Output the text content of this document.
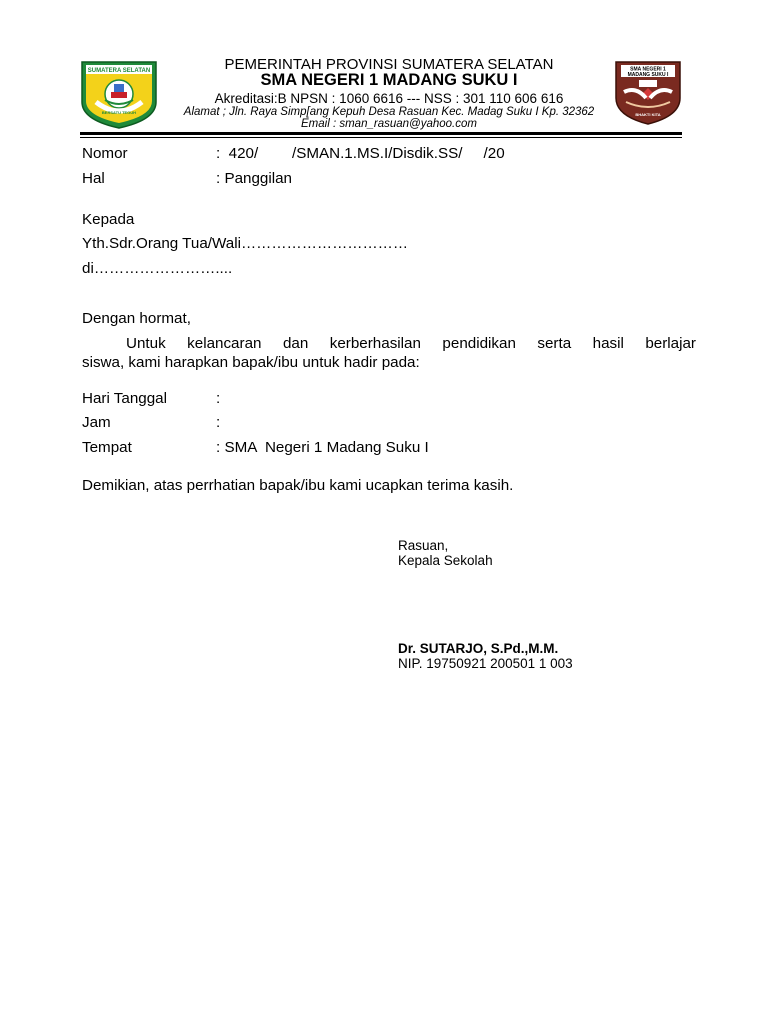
SUMATERA SELATAN
BERSATU TEGUH
SMA NEGERI 1
MADANG SUKU I
BHAKTI KITA
PEMERINTAH PROVINSI SUMATERA SELATAN
SMA NEGERI 1 MADANG SUKU I
Akreditasi:B NPSN : 1060 6616 --- NSS : 301 110 606 616
Alamat ; Jln. Raya Simp[ang Kepuh Desa Rasuan Kec. Madag Suku I Kp. 32362
Email : sman_rasuan@yahoo.com
Nomor	:  420/        /SMAN.1.MS.I/Disdik.SS/     /20
Hal	: Panggilan
Kepada
Yth.Sdr.Orang Tua/Wali……………………………
di……………………....
Dengan hormat,
Untuk kelancaran dan kerberhasilan pendidikan serta hasil berlajar
siswa, kami harapkan bapak/ibu untuk hadir pada:
Hari Tanggal	:
Jam	:
Tempat	: SMA  Negeri 1 Madang Suku I
Demikian, atas perrhatian bapak/ibu kami ucapkan terima kasih.
Rasuan,
Kepala Sekolah
Dr. SUTARJO, S.Pd.,M.M.
NIP. 19750921 200501 1 003
